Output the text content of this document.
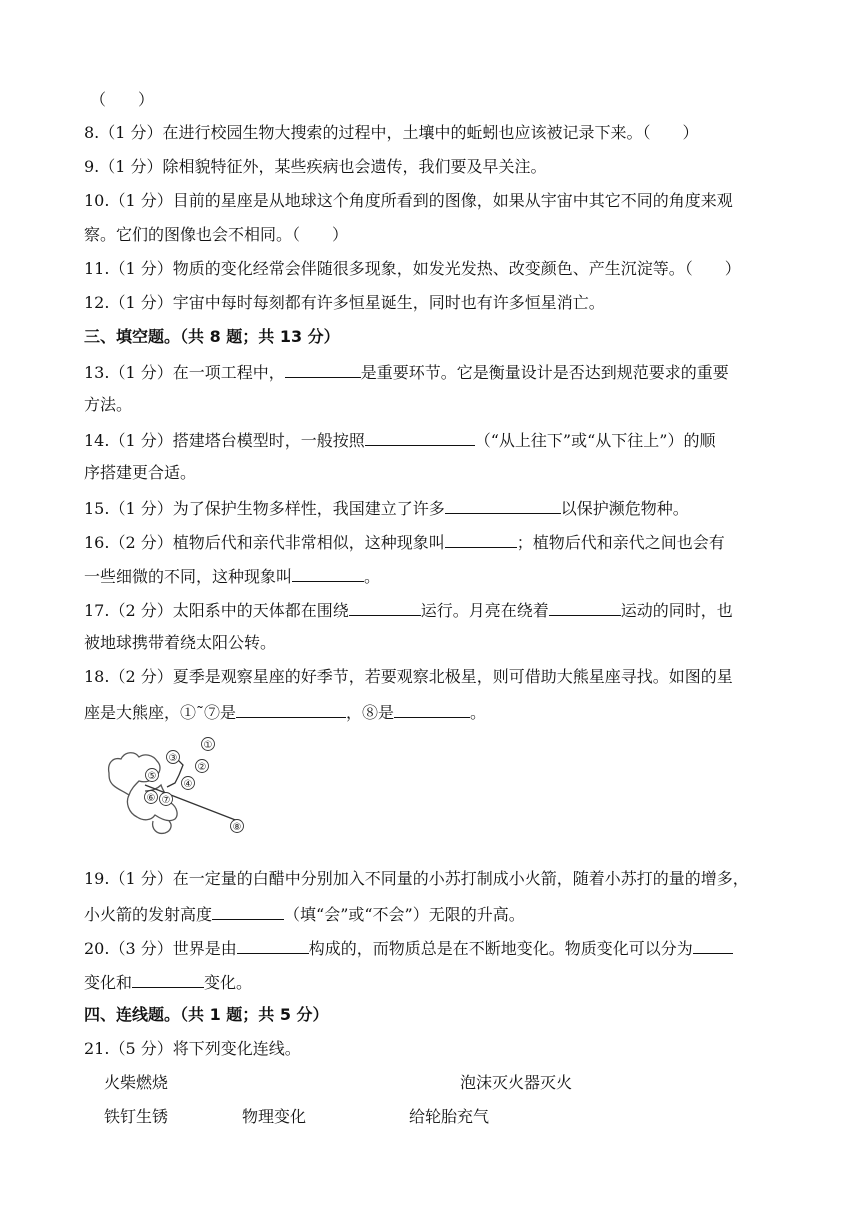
（　　）
8.（1 分）在进行校园生物大搜索的过程中，土壤中的蚯蚓也应该被记录下来。（　　）
9.（1 分）除相貌特征外，某些疾病也会遗传，我们要及早关注。
10.（1 分）目前的星座是从地球这个角度所看到的图像，如果从宇宙中其它不同的角度来观
察。它们的图像也会不相同。（　　）
11.（1 分）物质的变化经常会伴随很多现象，如发光发热、改变颜色、产生沉淀等。（　　）
12.（1 分）宇宙中每时每刻都有许多恒星诞生，同时也有许多恒星消亡。
三、填空题。（共 8 题；共 13 分）
13.（1 分）在一项工程中，	是重要环节。它是衡量设计是否达到规范要求的重要
方法。
14.（1 分）搭建塔台模型时，一般按照	（“从上往下”或“从下往上”）的顺
序搭建更合适。
15.（1 分）为了保护生物多样性，我国建立了许多	以保护濒危物种。
16.（2 分）植物后代和亲代非常相似，这种现象叫	；植物后代和亲代之间也会有
一些细微的不同，这种现象叫	。
17.（2 分）太阳系中的天体都在围绕	运行。月亮在绕着	运动的同时，也
被地球携带着绕太阳公转。
18.（2 分）夏季是观察星座的好季节，若要观察北极星，则可借助大熊星座寻找。如图的星
座是大熊座，①˜⑦是	，⑧是	。
①
②
③
④
⑤
⑥ ⑦
⑧
19.（1 分）在一定量的白醋中分别加入不同量的小苏打制成小火箭，随着小苏打的量的增多，
小火箭的发射高度	（填“会”或“不会”）无限的升高。
20.（3 分）世界是由	构成的，而物质总是在不断地变化。物质变化可以分为
变化和	变化。
四、连线题。（共 1 题；共 5 分）
21.（5 分）将下列变化连线。
火柴燃烧	泡沫灭火器灭火
铁钉生锈	物理变化	给轮胎充气
